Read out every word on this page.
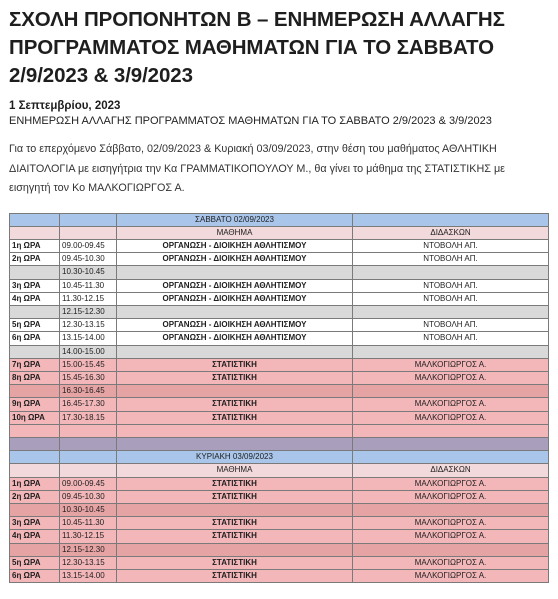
ΣΧΟΛΗ ΠΡΟΠΟΝΗΤΩΝ Β – ΕΝΗΜΕΡΩΣΗ ΑΛΛΑΓΗΣ ΠΡΟΓΡΑΜΜΑΤΟΣ ΜΑΘΗΜΑΤΩΝ ΓΙΑ ΤΟ ΣΑΒΒΑΤΟ 2/9/2023 & 3/9/2023
1 Σεπτεμβρίου, 2023
ΕΝΗΜΕΡΩΣΗ ΑΛΛΑΓΗΣ ΠΡΟΓΡΑΜΜΑΤΟΣ ΜΑΘΗΜΑΤΩΝ ΓΙΑ ΤΟ ΣΑΒΒΑΤΟ 2/9/2023 & 3/9/2023

Για το επερχόμενο Σάββατο, 02/09/2023 & Κυριακή 03/09/2023, στην θέση του μαθήματος ΑΘΛΗΤΙΚΗ ΔΙΑΙΤΟΛΟΓΙΑ με εισηγήτρια την Κα ΓΡΑΜΜΑΤΙΚΟΠΟΥΛΟΥ Μ., θα γίνει το μάθημα της ΣΤΑΤΙΣΤΙΚΗΣ με εισηγητή τον Κο ΜΑΛΚΟΓΙΩΡΓΟΣ Α.

		ΣΑΒΒΑΤΟ 02/09/2023	
		ΜΑΘΗΜΑ	ΔΙΔΑΣΚΩΝ
1η ΩΡΑ	09.00-09.45	ΟΡΓΑΝΩΣΗ - ΔΙΟΙΚΗΣΗ ΑΘΛΗΤΙΣΜΟΥ	ΝΤΟΒΟΛΗ ΑΠ.
2η ΩΡΑ	09.45-10.30	ΟΡΓΑΝΩΣΗ - ΔΙΟΙΚΗΣΗ ΑΘΛΗΤΙΣΜΟΥ	ΝΤΟΒΟΛΗ ΑΠ.
	10.30-10.45		
3η ΩΡΑ	10.45-11.30	ΟΡΓΑΝΩΣΗ - ΔΙΟΙΚΗΣΗ ΑΘΛΗΤΙΣΜΟΥ	ΝΤΟΒΟΛΗ ΑΠ.
4η ΩΡΑ	11.30-12.15	ΟΡΓΑΝΩΣΗ - ΔΙΟΙΚΗΣΗ ΑΘΛΗΤΙΣΜΟΥ	ΝΤΟΒΟΛΗ ΑΠ.
	12.15-12.30		
5η ΩΡΑ	12.30-13.15	ΟΡΓΑΝΩΣΗ - ΔΙΟΙΚΗΣΗ ΑΘΛΗΤΙΣΜΟΥ	ΝΤΟΒΟΛΗ ΑΠ.
6η ΩΡΑ	13.15-14.00	ΟΡΓΑΝΩΣΗ - ΔΙΟΙΚΗΣΗ ΑΘΛΗΤΙΣΜΟΥ	ΝΤΟΒΟΛΗ ΑΠ.
	14.00-15.00		
7η ΩΡΑ	15.00-15.45	ΣΤΑΤΙΣΤΙΚΗ	ΜΑΛΚΟΓΙΩΡΓΟΣ Α.
8η ΩΡΑ	15.45-16.30	ΣΤΑΤΙΣΤΙΚΗ	ΜΑΛΚΟΓΙΩΡΓΟΣ Α.
	16.30-16.45		
9η ΩΡΑ	16.45-17.30	ΣΤΑΤΙΣΤΙΚΗ	ΜΑΛΚΟΓΙΩΡΓΟΣ Α.
10η ΩΡΑ	17.30-18.15	ΣΤΑΤΙΣΤΙΚΗ	ΜΑΛΚΟΓΙΩΡΓΟΣ Α.

		ΚΥΡΙΑΚΗ 03/09/2023	
		ΜΑΘΗΜΑ	ΔΙΔΑΣΚΩΝ
1η ΩΡΑ	09.00-09.45	ΣΤΑΤΙΣΤΙΚΗ	ΜΑΛΚΟΓΙΩΡΓΟΣ Α.
2η ΩΡΑ	09.45-10.30	ΣΤΑΤΙΣΤΙΚΗ	ΜΑΛΚΟΓΙΩΡΓΟΣ Α.
	10.30-10.45		
3η ΩΡΑ	10.45-11.30	ΣΤΑΤΙΣΤΙΚΗ	ΜΑΛΚΟΓΙΩΡΓΟΣ Α.
4η ΩΡΑ	11.30-12.15	ΣΤΑΤΙΣΤΙΚΗ	ΜΑΛΚΟΓΙΩΡΓΟΣ Α.
	12.15-12.30		
5η ΩΡΑ	12.30-13.15	ΣΤΑΤΙΣΤΙΚΗ	ΜΑΛΚΟΓΙΩΡΓΟΣ Α.
6η ΩΡΑ	13.15-14.00	ΣΤΑΤΙΣΤΙΚΗ	ΜΑΛΚΟΓΙΩΡΓΟΣ Α.
